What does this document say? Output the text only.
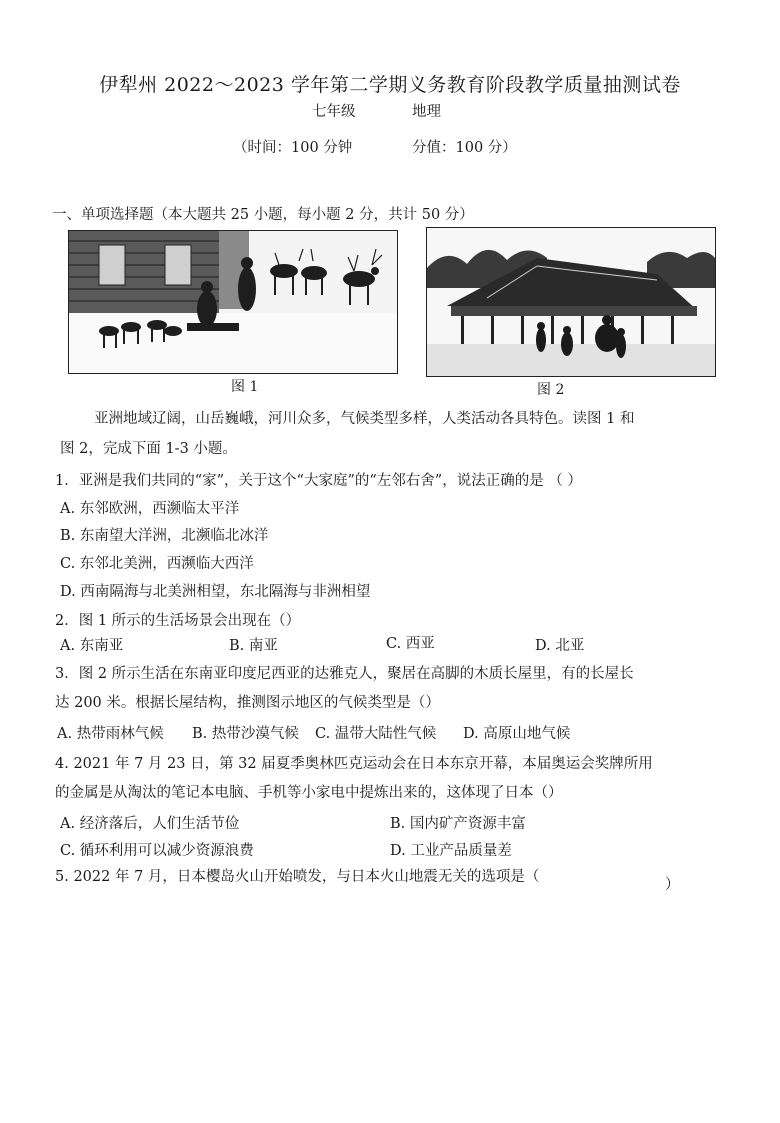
伊犁州 2022～2023 学年第二学期义务教育阶段教学质量抽测试卷
七年级	地理
（时间：100 分钟	分值：100 分）
一、单项选择题（本大题共 25 小题，每小题 2 分，共计 50 分）
图 1	图 2
亚洲地域辽阔，山岳巍峨，河川众多，气候类型多样，人类活动各具特色。读图 1 和
图 2，完成下面 1-3 小题。
1．亚洲是我们共同的“家”，关于这个“大家庭”的“左邻右舍”，说法正确的是 （ ）
A. 东邻欧洲，西濒临太平洋
B. 东南望大洋洲，北濒临北冰洋
C. 东邻北美洲，西濒临大西洋
D. 西南隔海与北美洲相望，东北隔海与非洲相望
2．图 1 所示的生活场景会出现在（）
A. 东南亚	B. 南亚	C. 西亚	D. 北亚
3．图 2 所示生活在东南亚印度尼西亚的达雅克人，聚居在高脚的木质长屋里，有的长屋长
达 200 米。根据长屋结构，推测图示地区的气候类型是（）
A. 热带雨林气候 B. 热带沙漠气候 C. 温带大陆性气候 D. 高原山地气候
4. 2021 年 7 月 23 日，第 32 届夏季奥林匹克运动会在日本东京开幕，本届奥运会奖牌所用
的金属是从淘汰的笔记本电脑、手机等小家电中提炼出来的，这体现了日本（）
A. 经济落后，人们生活节俭	B. 国内矿产资源丰富
C. 循环利用可以减少资源浪费	D. 工业产品质量差
5. 2022 年 7 月，日本樱岛火山开始喷发，与日本火山地震无关的选项是（	）
